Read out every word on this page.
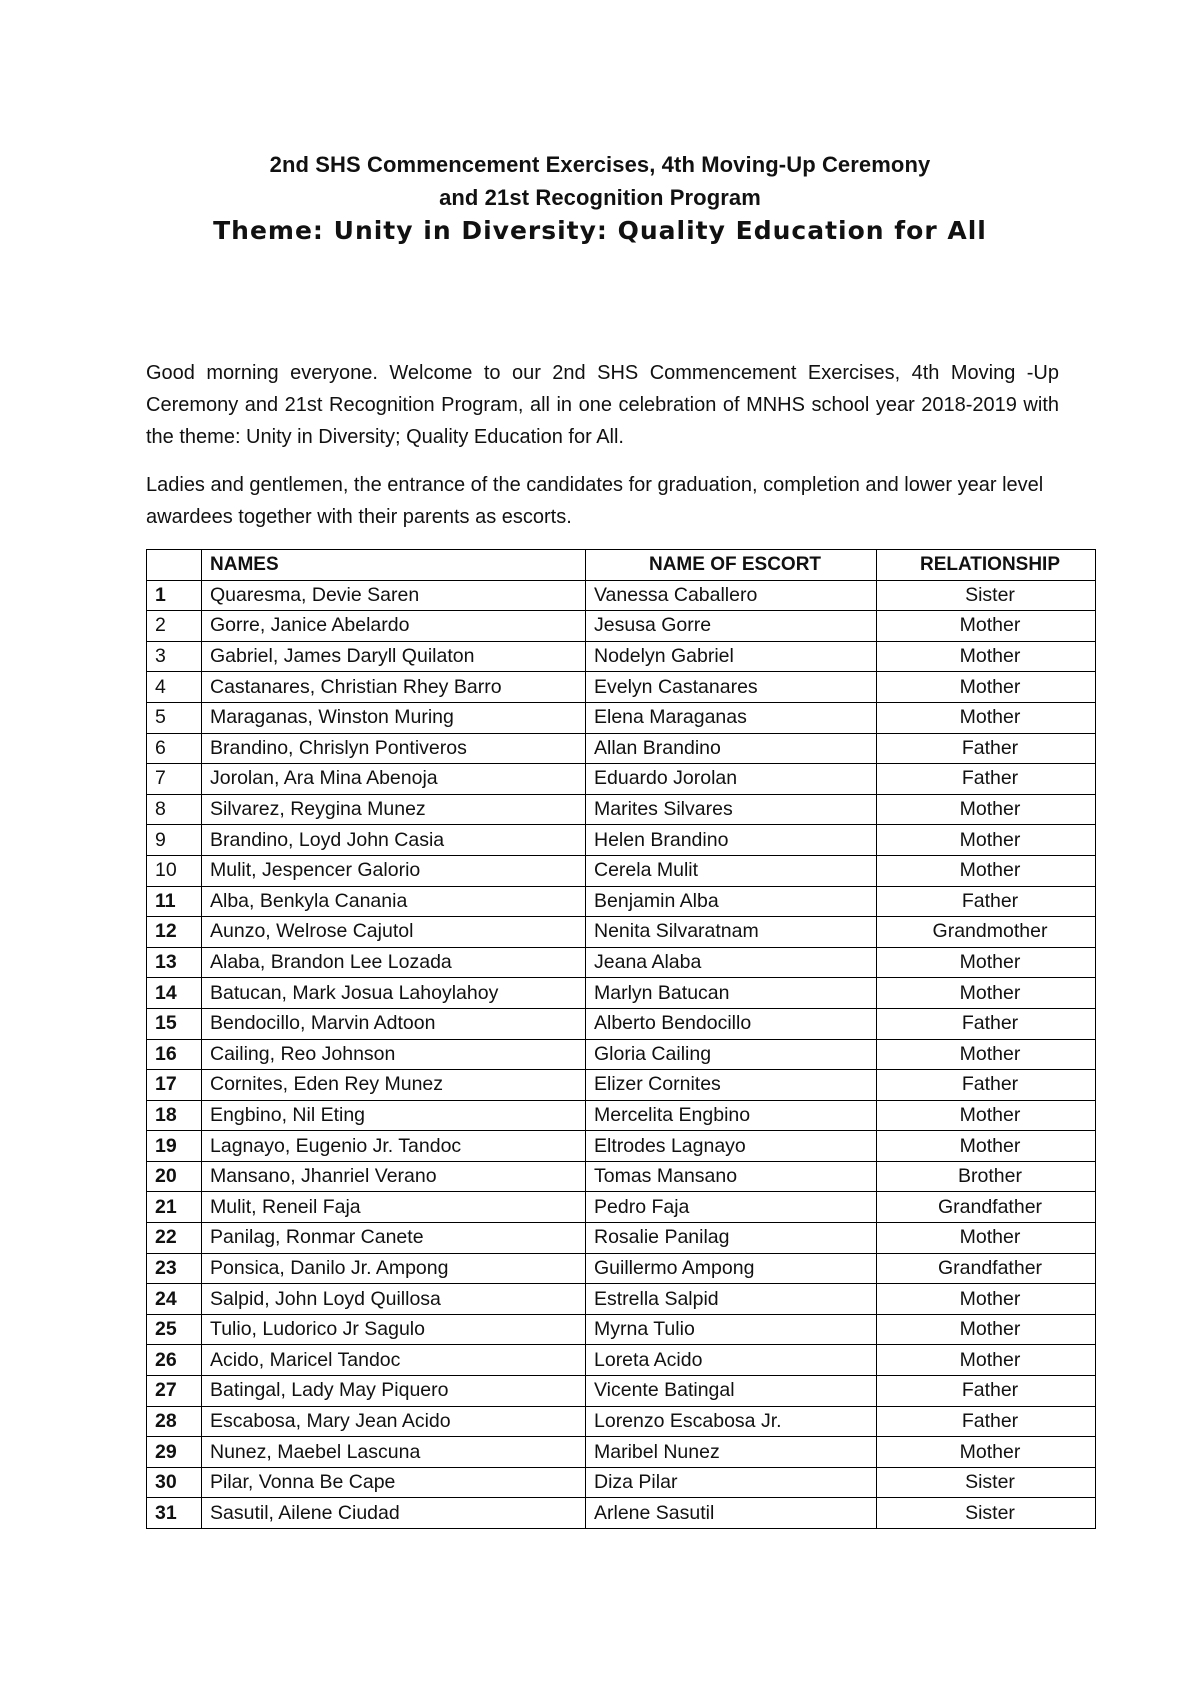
2nd SHS Commencement Exercises, 4th Moving-Up Ceremony
and 21st Recognition Program
Theme: Unity in Diversity: Quality Education for All

Good morning everyone. Welcome to our 2nd SHS Commencement Exercises, 4th Moving -Up Ceremony and 21st Recognition Program, all in one celebration of MNHS school year 2018-2019 with the theme: Unity in Diversity; Quality Education for All.

Ladies and gentlemen, the entrance of the candidates for graduation, completion and lower year level awardees together with their parents as escorts.

	NAMES	NAME OF ESCORT	RELATIONSHIP
1	Quaresma, Devie Saren	Vanessa Caballero	Sister
2	Gorre, Janice Abelardo	Jesusa Gorre	Mother
3	Gabriel, James Daryll Quilaton	Nodelyn Gabriel	Mother
4	Castanares, Christian Rhey Barro	Evelyn Castanares	Mother
5	Maraganas, Winston Muring	Elena Maraganas	Mother
6	Brandino, Chrislyn Pontiveros	Allan Brandino	Father
7	Jorolan, Ara Mina Abenoja	Eduardo Jorolan	Father
8	Silvarez, Reygina Munez	Marites Silvares	Mother
9	Brandino, Loyd John Casia	Helen Brandino	Mother
10	Mulit, Jespencer Galorio	Cerela Mulit	Mother
11	Alba, Benkyla Canania	Benjamin Alba	Father
12	Aunzo, Welrose Cajutol	Nenita Silvaratnam	Grandmother
13	Alaba, Brandon Lee Lozada	Jeana Alaba	Mother
14	Batucan, Mark Josua Lahoylahoy	Marlyn Batucan	Mother
15	Bendocillo, Marvin Adtoon	Alberto Bendocillo	Father
16	Cailing, Reo Johnson	Gloria Cailing	Mother
17	Cornites, Eden Rey Munez	Elizer Cornites	Father
18	Engbino, Nil Eting	Mercelita Engbino	Mother
19	Lagnayo, Eugenio Jr. Tandoc	Eltrodes Lagnayo	Mother
20	Mansano, Jhanriel Verano	Tomas Mansano	Brother
21	Mulit, Reneil Faja	Pedro Faja	Grandfather
22	Panilag, Ronmar Canete	Rosalie Panilag	Mother
23	Ponsica, Danilo Jr. Ampong	Guillermo Ampong	Grandfather
24	Salpid, John Loyd Quillosa	Estrella Salpid	Mother
25	Tulio, Ludorico Jr Sagulo	Myrna Tulio	Mother
26	Acido, Maricel Tandoc	Loreta Acido	Mother
27	Batingal, Lady May Piquero	Vicente Batingal	Father
28	Escabosa, Mary Jean Acido	Lorenzo Escabosa Jr.	Father
29	Nunez, Maebel Lascuna	Maribel Nunez	Mother
30	Pilar, Vonna Be Cape	Diza Pilar	Sister
31	Sasutil, Ailene Ciudad	Arlene Sasutil	Sister
